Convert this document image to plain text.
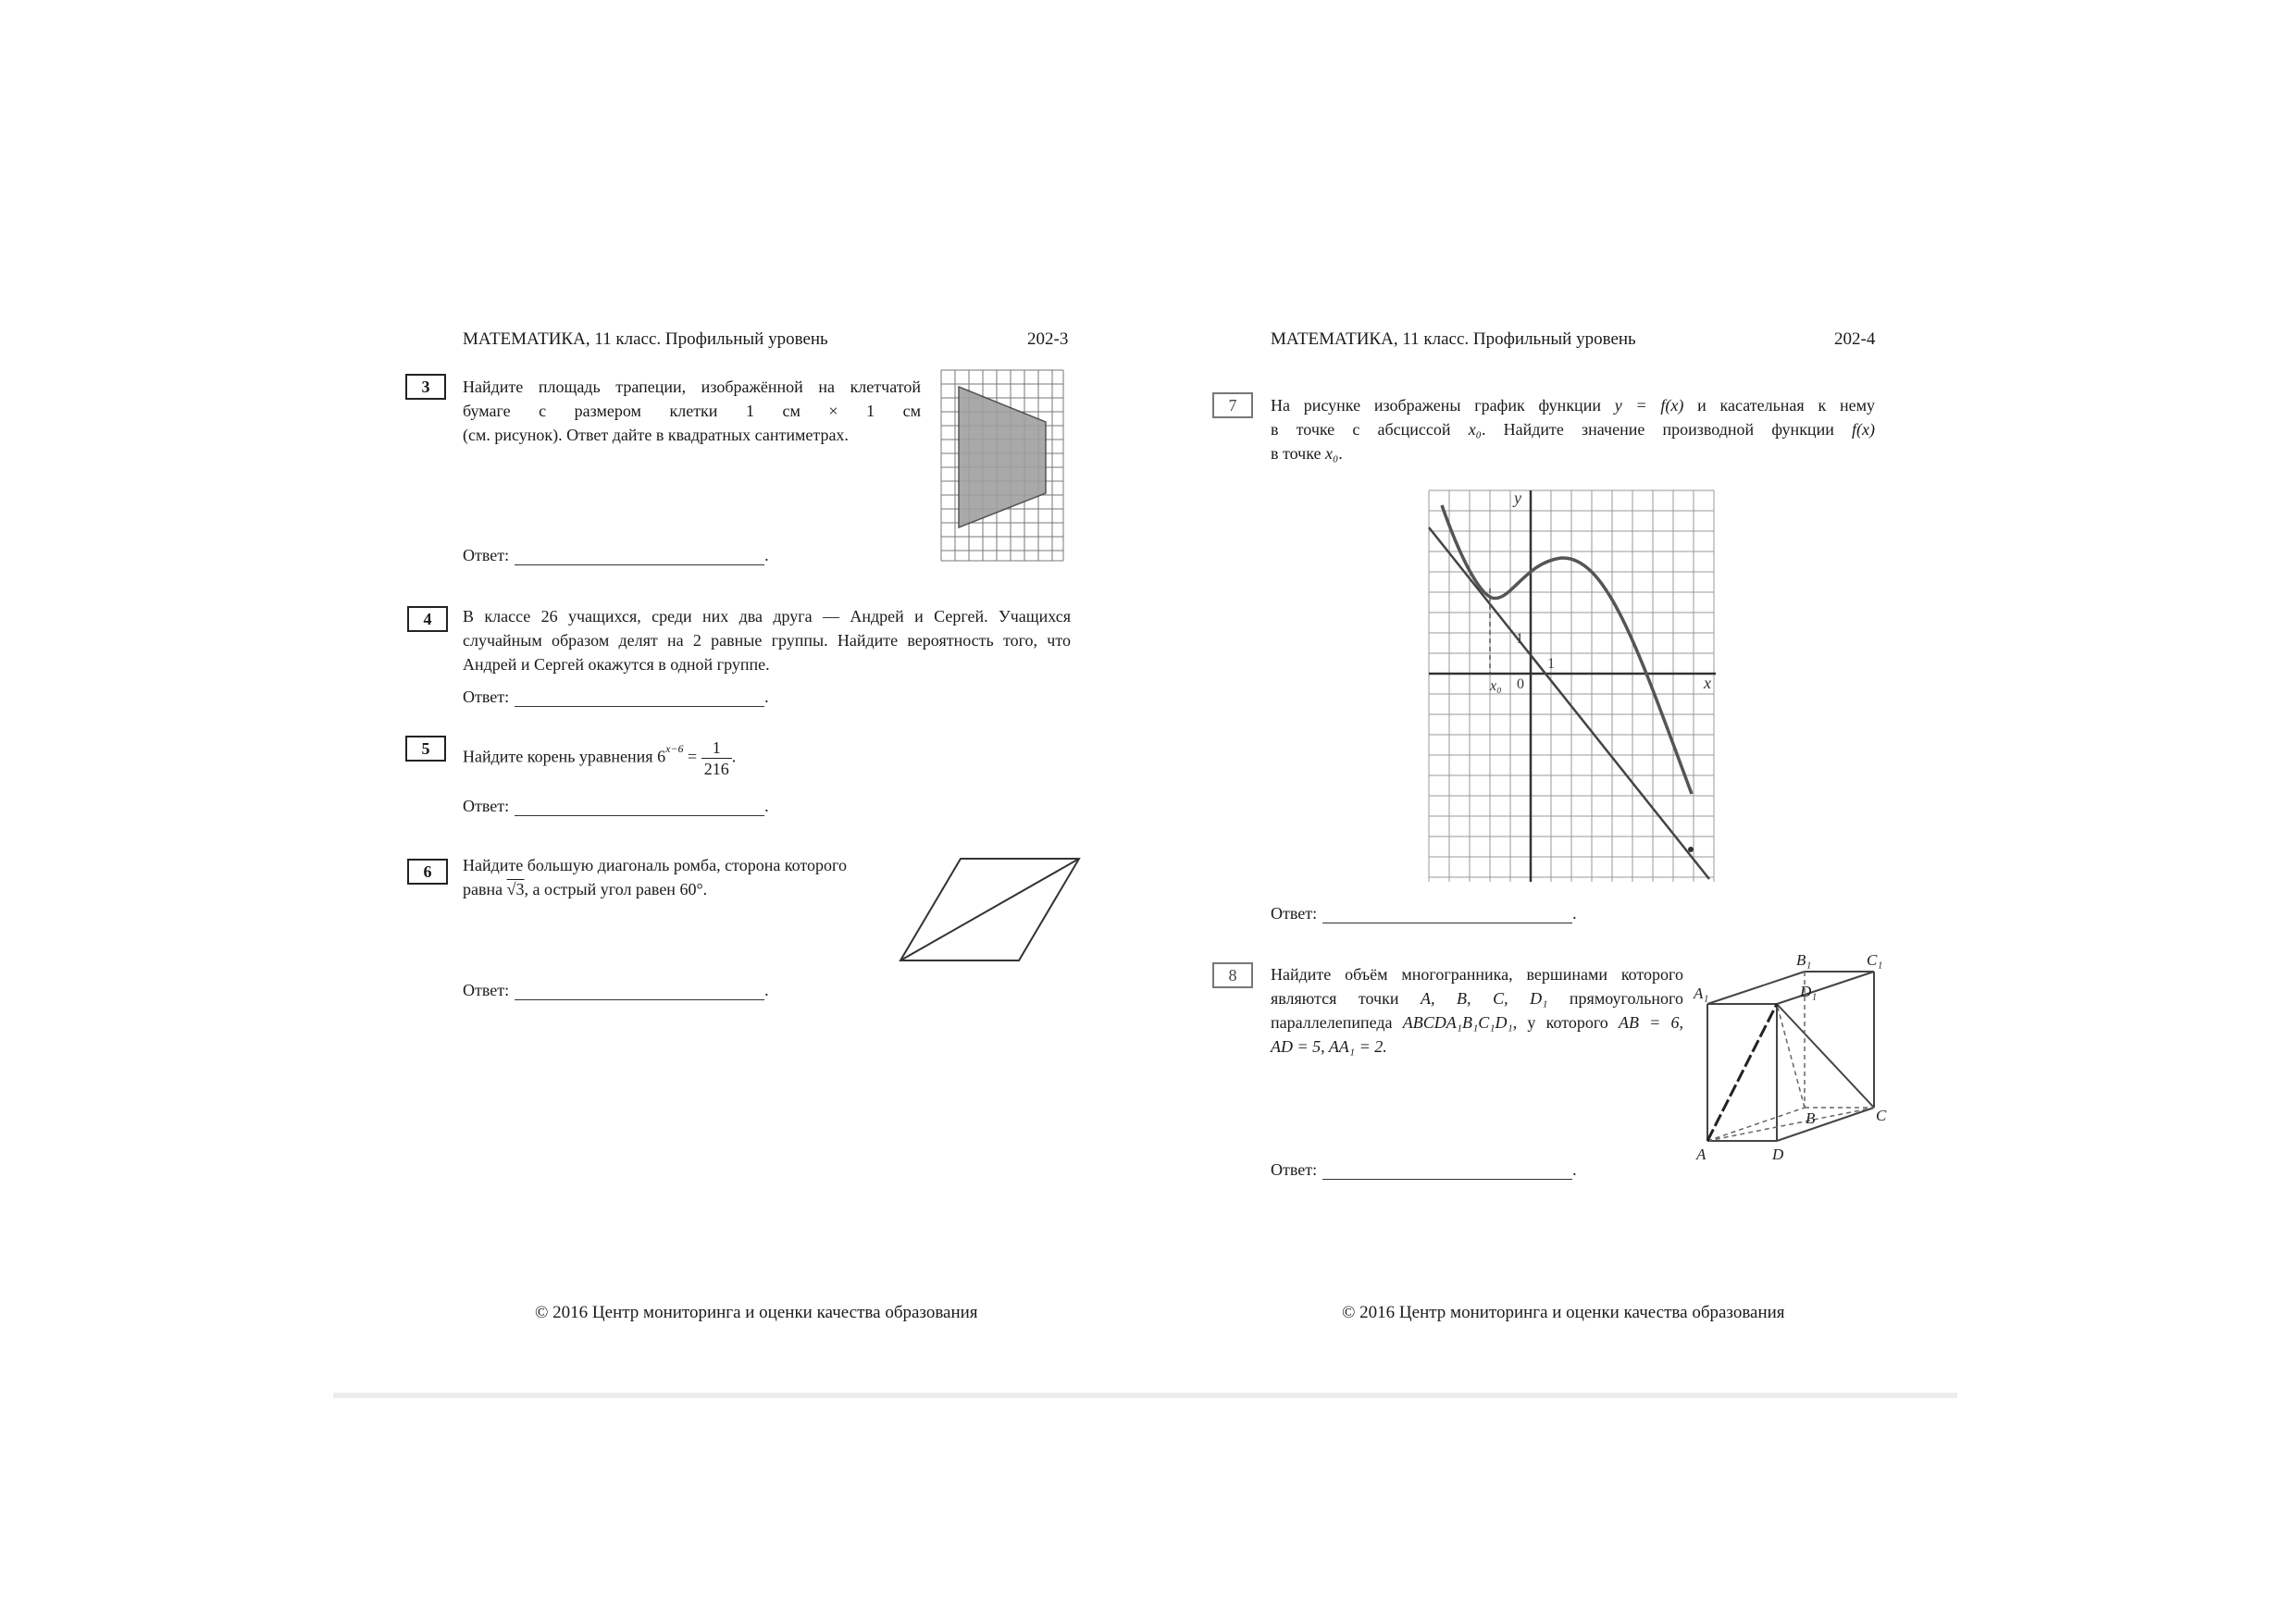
МАТЕМАТИКА, 11 класс. Профильный уровень	202-3
3	Найдите площадь трапеции, изображённой на клетчатой
бумаге с размером клетки 1 см × 1 см
(см. рисунок). Ответ дайте в квадратных сантиметрах.
Ответ:	.
4	В классе 26 учащихся, среди них два друга — Андрей и Сергей. Учащихся случайным образом делят на 2 равные группы. Найдите вероятность того, что Андрей и Сергей окажутся в одной группе.
Ответ:	.
5	Найдите корень уравнения $6^{x-6} = \frac{1}{216}$ .
Ответ:	.
6	Найдите большую диагональ ромба, сторона которого
равна √3, а острый угол равен 60°.
Ответ:	.
© 2016 Центр мониторинга и оценки качества образования
МАТЕМАТИКА, 11 класс. Профильный уровень	202-4
7	На рисунке изображены график функции y = f(x) и касательная к нему
в точке с абсциссой x₀. Найдите значение производной функции f(x)
в точке x₀.
y
x
1
1
0
x₀
Ответ:	.
8	Найдите объём многогранника, вершинами которого
являются точки A, B, C, D₁ прямоугольного
параллелепипеда ABCDA₁B₁C₁D₁, у которого AB = 6,
AD = 5, AA₁ = 2.
A
B	C
D
A₁
B₁	C₁
D₁
Ответ:	.
© 2016 Центр мониторинга и оценки качества образования
